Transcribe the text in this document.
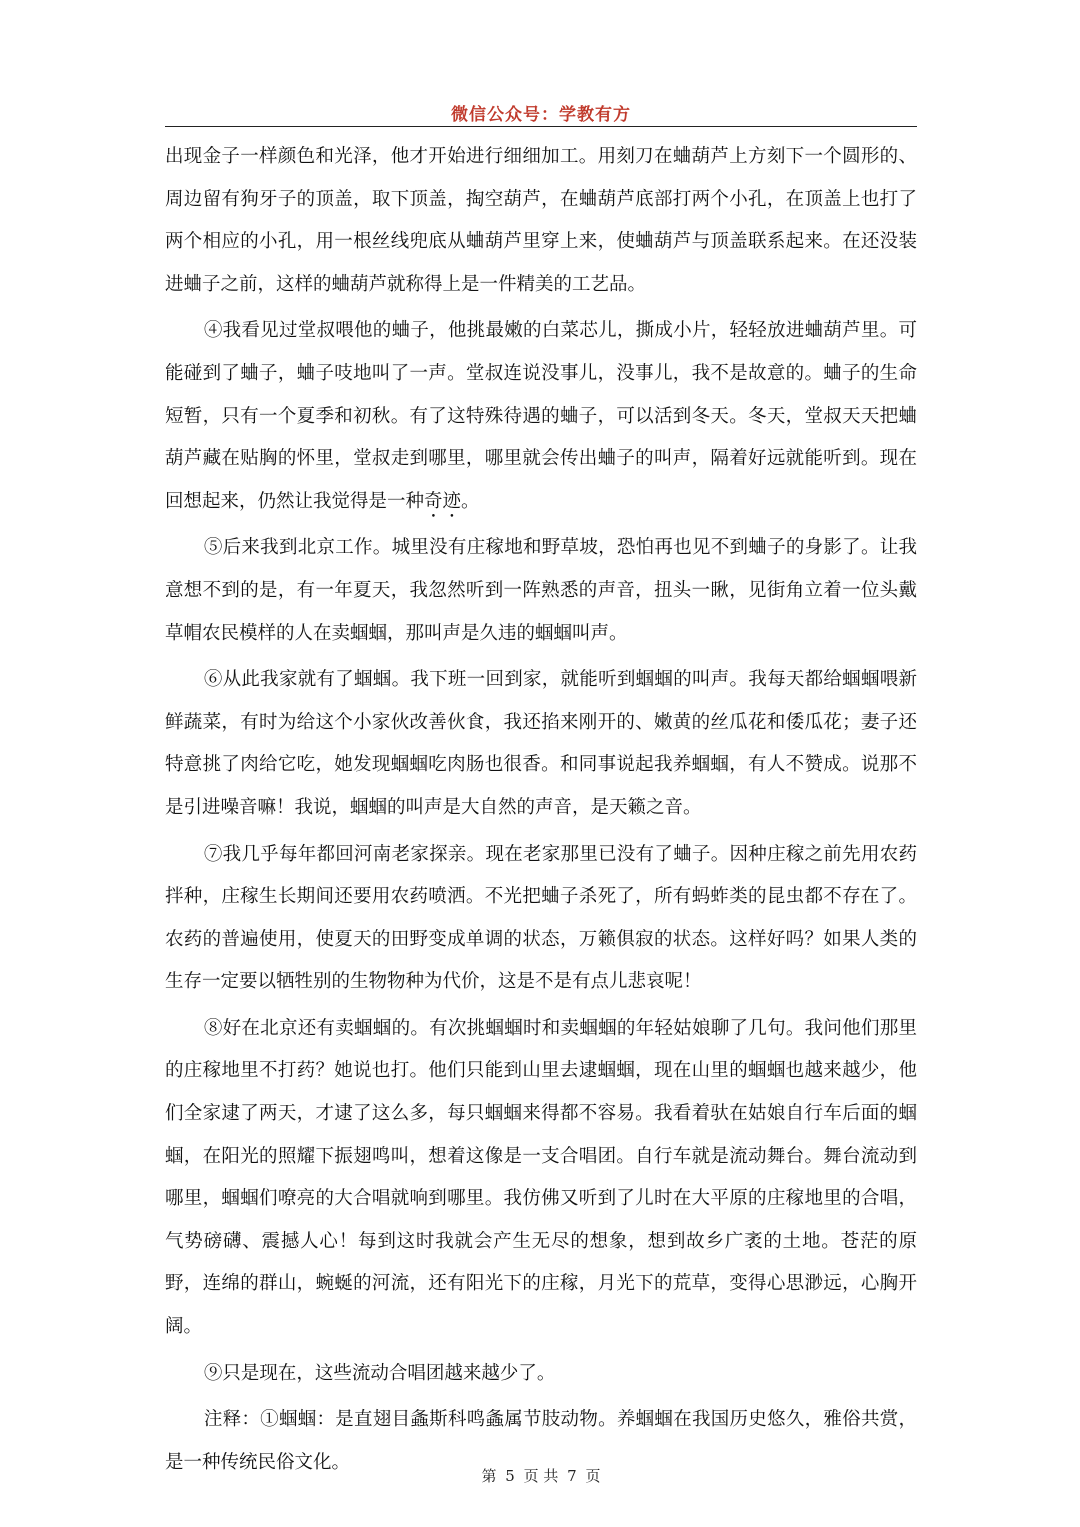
微信公众号：学教有方

出现金子一样颜色和光泽，他才开始进行细细加工。用刻刀在蛐葫芦上方刻下一个圆形的、周边留有狗牙子的顶盖，取下顶盖，掏空葫芦，在蛐葫芦底部打两个小孔，在顶盖上也打了两个相应的小孔，用一根丝线兜底从蛐葫芦里穿上来，使蛐葫芦与顶盖联系起来。在还没装进蛐子之前，这样的蛐葫芦就称得上是一件精美的工艺品。

④我看见过堂叔喂他的蛐子，他挑最嫩的白菜芯儿，撕成小片，轻轻放进蛐葫芦里。可能碰到了蛐子，蛐子吱地叫了一声。堂叔连说没事儿，没事儿，我不是故意的。蛐子的生命短暂，只有一个夏季和初秋。有了这特殊待遇的蛐子，可以活到冬天。冬天，堂叔天天把蛐葫芦藏在贴胸的怀里，堂叔走到哪里，哪里就会传出蛐子的叫声，隔着好远就能听到。现在回想起来，仍然让我觉得是一种奇迹。

⑤后来我到北京工作。城里没有庄稼地和野草坡，恐怕再也见不到蛐子的身影了。让我意想不到的是，有一年夏天，我忽然听到一阵熟悉的声音，扭头一瞅，见街角立着一位头戴草帽农民模样的人在卖蝈蝈，那叫声是久违的蝈蝈叫声。

⑥从此我家就有了蝈蝈。我下班一回到家，就能听到蝈蝈的叫声。我每天都给蝈蝈喂新鲜蔬菜，有时为给这个小家伙改善伙食，我还掐来刚开的、嫩黄的丝瓜花和倭瓜花；妻子还特意挑了肉给它吃，她发现蝈蝈吃肉肠也很香。和同事说起我养蝈蝈，有人不赞成。说那不是引进噪音嘛！我说，蝈蝈的叫声是大自然的声音，是天籁之音。

⑦我几乎每年都回河南老家探亲。现在老家那里已没有了蛐子。因种庄稼之前先用农药拌种，庄稼生长期间还要用农药喷洒。不光把蛐子杀死了，所有蚂蚱类的昆虫都不存在了。农药的普遍使用，使夏天的田野变成单调的状态，万籁俱寂的状态。这样好吗？如果人类的生存一定要以牺牲别的生物物种为代价，这是不是有点儿悲哀呢！

⑧好在北京还有卖蝈蝈的。有次挑蝈蝈时和卖蝈蝈的年轻姑娘聊了几句。我问他们那里的庄稼地里不打药？她说也打。他们只能到山里去逮蝈蝈，现在山里的蝈蝈也越来越少，他们全家逮了两天，才逮了这么多，每只蝈蝈来得都不容易。我看着驮在姑娘自行车后面的蝈蝈，在阳光的照耀下振翅鸣叫，想着这像是一支合唱团。自行车就是流动舞台。舞台流动到哪里，蝈蝈们嘹亮的大合唱就响到哪里。我仿佛又听到了儿时在大平原的庄稼地里的合唱，气势磅礴、震撼人心！每到这时我就会产生无尽的想象，想到故乡广袤的土地。苍茫的原野，连绵的群山，蜿蜒的河流，还有阳光下的庄稼，月光下的荒草，变得心思渺远，心胸开阔。

⑨只是现在，这些流动合唱团越来越少了。

注释：①蝈蝈：是直翅目螽斯科鸣螽属节肢动物。养蝈蝈在我国历史悠久，雅俗共赏，是一种传统民俗文化。

第 5 页 共 7 页
